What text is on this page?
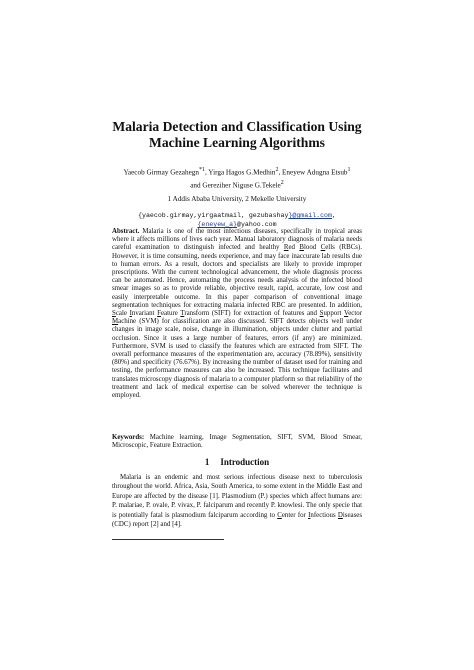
Malaria Detection and Classification Using Machine Learning Algorithms
Yaecob Girmay Gezahegn$^{*1}$, Yirga Hagos G.Medhin$^2$, Eneyew Adugna Etsub$^1$
and Gereziher Niguse G.Tekele$^2$
1 Addis Ababa University, 2 Mekelle University
{yaecob.girmay,yirgaatmail, gezubashay}@gmail.com,
{eneyew_a}@yahoo.com

Abstract. Malaria is one of the most infectious diseases, specifically in tropical areas where it affects millions of lives each year. Manual laboratory diagnosis of malaria needs careful examination to distinguish infected and healthy Red Blood Cells (RBCs). However, it is time consuming, needs experience, and may face inaccurate lab results due to human errors. As a result, doctors and specialists are likely to provide improper prescriptions. With the current technological advancement, the whole diagnosis process can be automated. Hence, automating the process needs analysis of the infected blood smear images so as to provide reliable, objective result, rapid, accurate, low cost and easily interpretable outcome. In this paper comparison of conventional image segmentation techniques for extracting malaria infected RBC are presented. In addition, Scale Invariant Feature Transform (SIFT) for extraction of features and Support Vector Machine (SVM) for classification are also discussed. SIFT detects objects well under changes in image scale, noise, change in illumination, objects under clutter and partial occlusion. Since it uses a large number of features, errors (if any) are minimized. Furthermore, SVM is used to classify the features which are extracted from SIFT. The overall performance measures of the experimentation are, accuracy (78.89%), sensitivity (80%) and specificity (76.67%). By increasing the number of dataset used for training and testing, the performance measures can also be increased. This technique facilitates and translates microscopy diagnosis of malaria to a computer platform so that reliability of the treatment and lack of medical expertise can be solved wherever the technique is employed.

Keywords: Machine learning, Image Segmentation, SIFT, SVM, Blood Smear, Microscopic, Feature Extraction.

1 Introduction

Malaria is an endemic and most serious infectious disease next to tuberculosis throughout the world. Africa, Asia, South America, to some extent in the Middle East and Europe are affected by the disease [1]. Plasmodium (P.) species which affect humans are: P. malariae, P. ovale, P. vivax, P. falciparum and recently P. knowlesi. The only specie that is potentially fatal is plasmodium falciparum according to Center for Infectious Diseases (CDC) report [2] and [4].
